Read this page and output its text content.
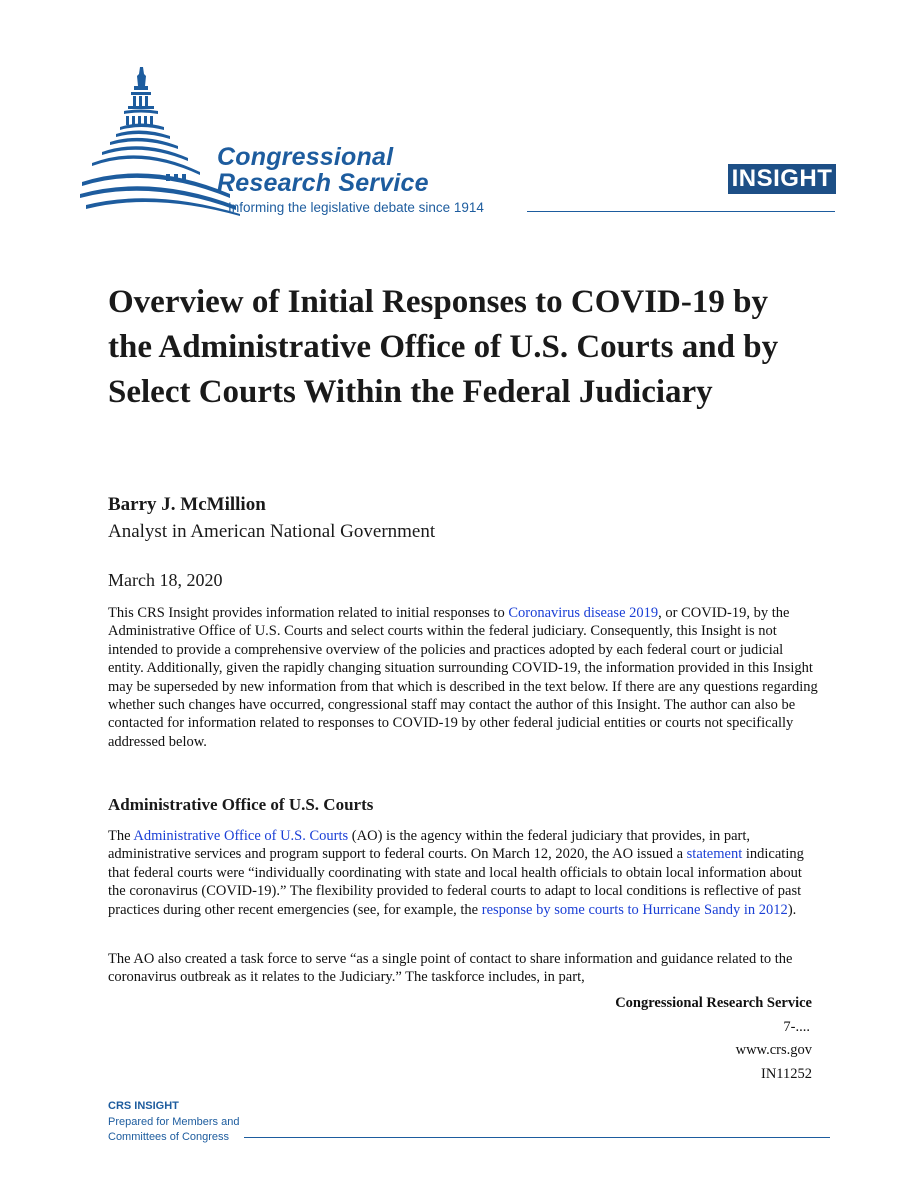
Congressional
Research Service
Informing the legislative debate since 1914
INSIGHT
Overview of Initial Responses to COVID-19 by the Administrative Office of U.S. Courts and by Select Courts Within the Federal Judiciary
Barry J. McMillion
Analyst in American National Government
March 18, 2020

This CRS Insight provides information related to initial responses to Coronavirus disease 2019, or COVID-19, by the Administrative Office of U.S. Courts and select courts within the federal judiciary. Consequently, this Insight is not intended to provide a comprehensive overview of the policies and practices adopted by each federal court or judicial entity. Additionally, given the rapidly changing situation surrounding COVID-19, the information provided in this Insight may be superseded by new information from that which is described in the text below. If there are any questions regarding whether such changes have occurred, congressional staff may contact the author of this Insight. The author can also be contacted for information related to responses to COVID-19 by other federal judicial entities or courts not specifically addressed below.

Administrative Office of U.S. Courts

The Administrative Office of U.S. Courts (AO) is the agency within the federal judiciary that provides, in part, administrative services and program support to federal courts. On March 12, 2020, the AO issued a statement indicating that federal courts were “individually coordinating with state and local health officials to obtain local information about the coronavirus (COVID-19).” The flexibility provided to federal courts to adapt to local conditions is reflective of past practices during other recent emergencies (see, for example, the response by some courts to Hurricane Sandy in 2012).

The AO also created a task force to serve “as a single point of contact to share information and guidance related to the coronavirus outbreak as it relates to the Judiciary.” The taskforce includes, in part,

Congressional Research Service
7-....
www.crs.gov
IN11252
CRS INSIGHT
Prepared for Members and
Committees of Congress
